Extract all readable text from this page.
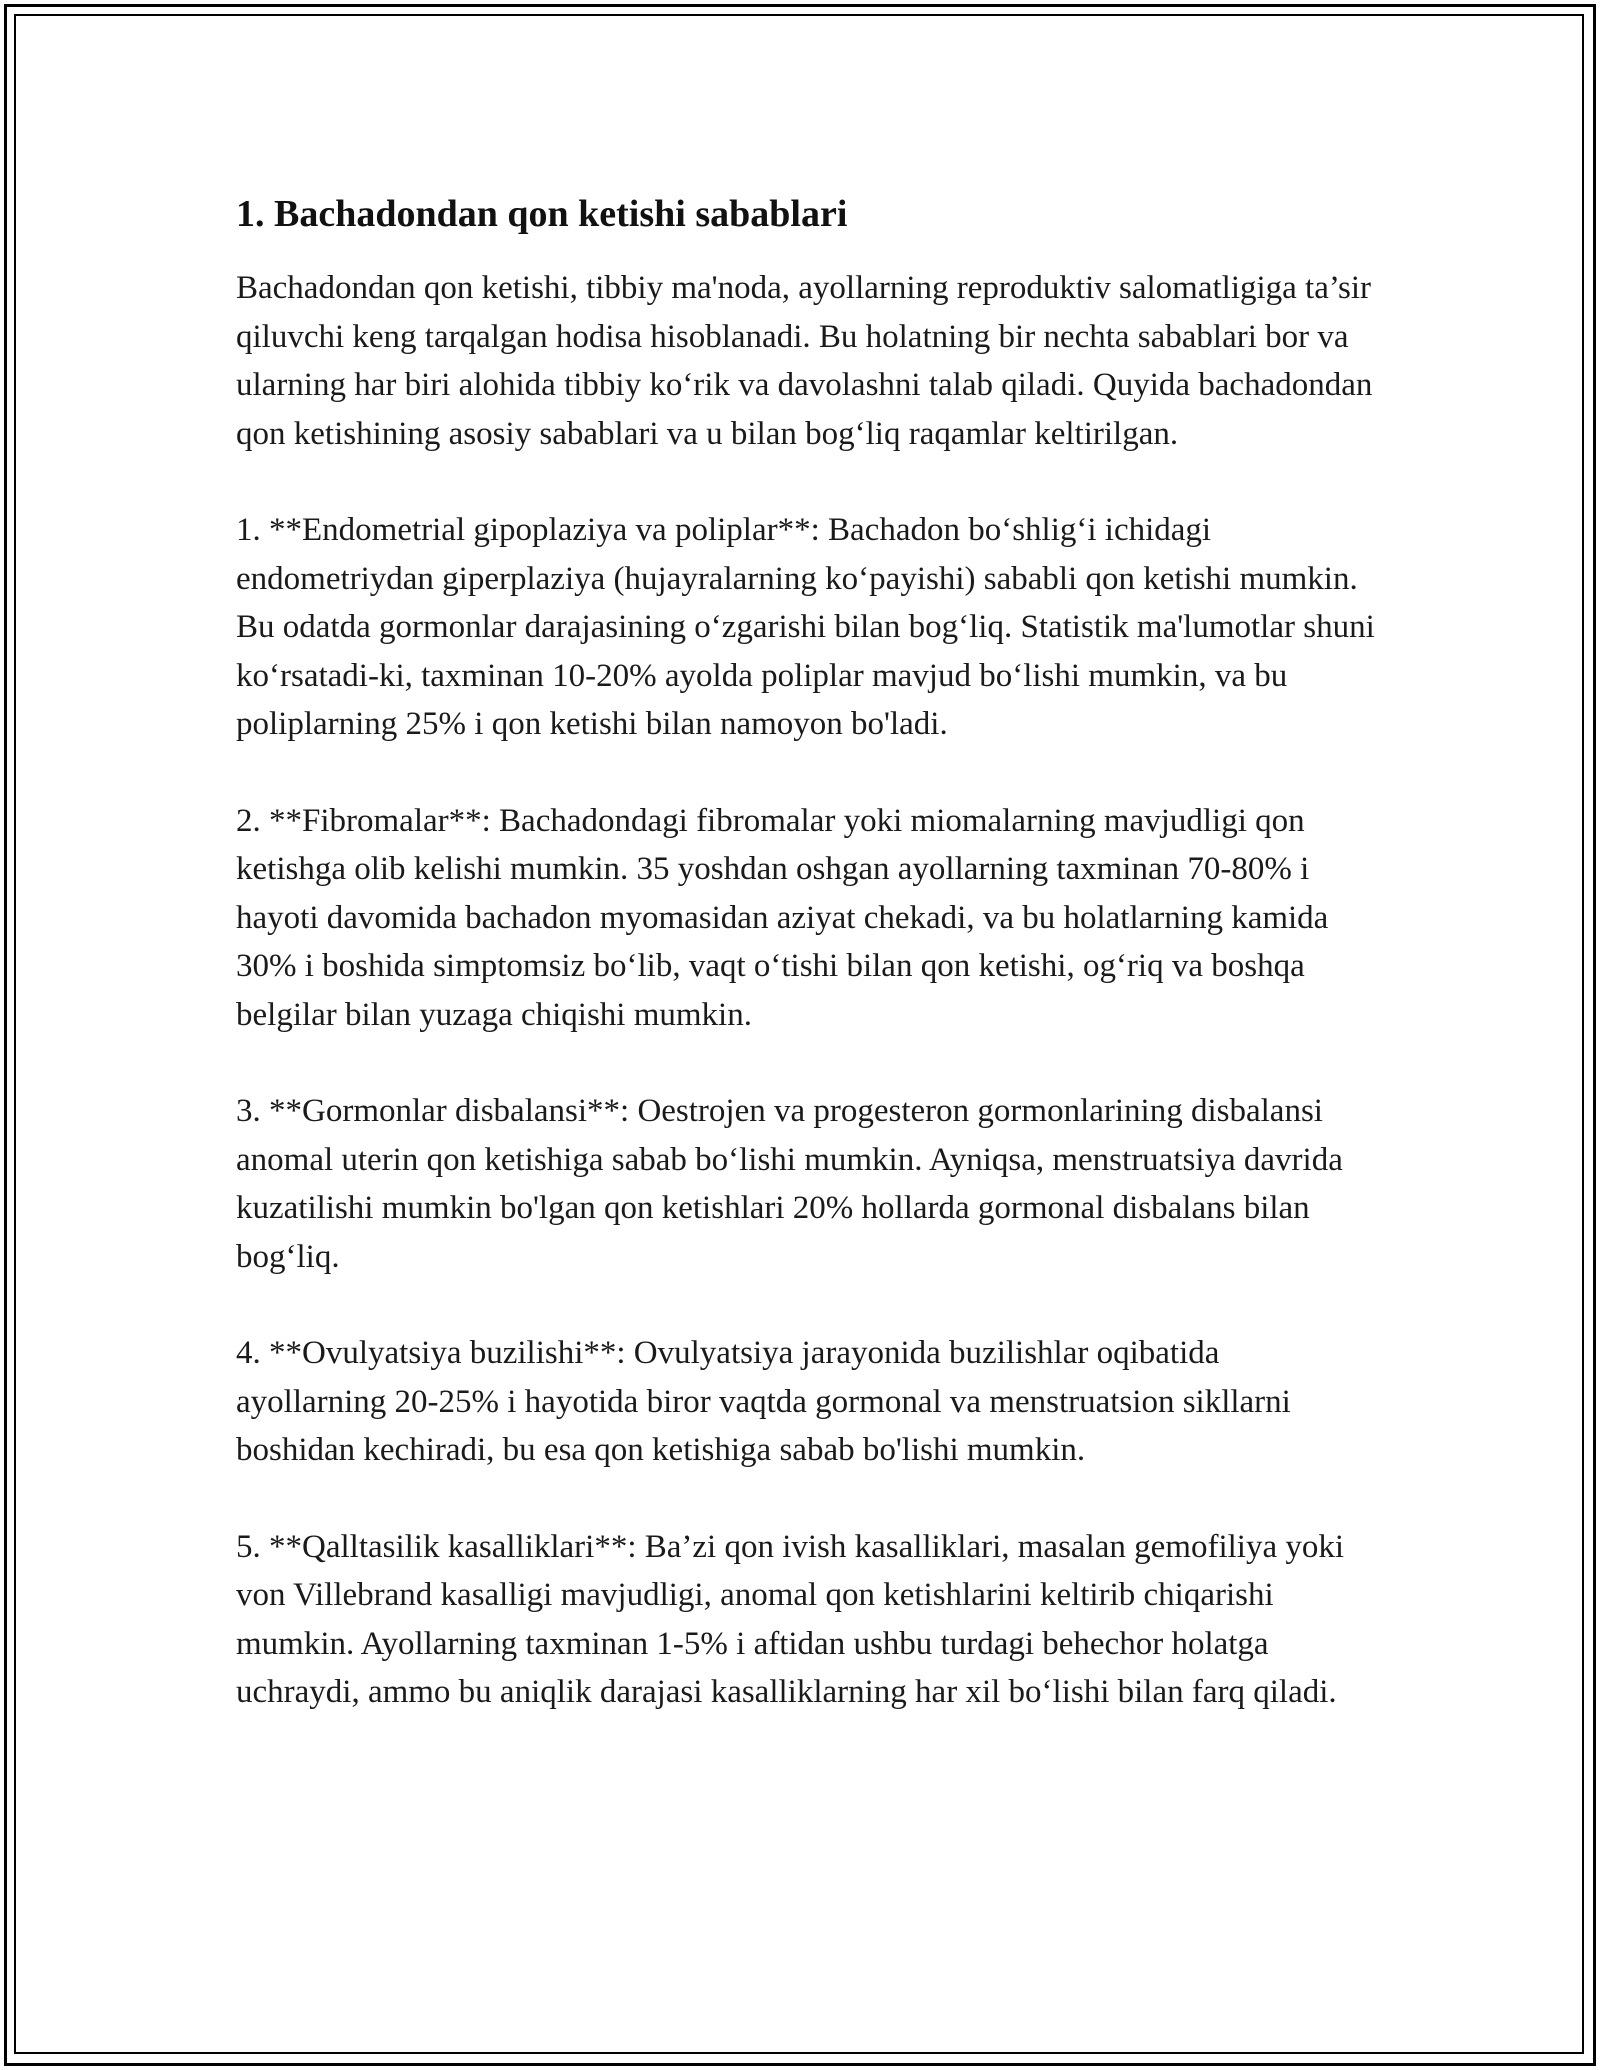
1. Bachadondan qon ketishi sabablari

Bachadondan qon ketishi, tibbiy ma'noda, ayollarning reproduktiv salomatligiga ta’sir qiluvchi keng tarqalgan hodisa hisoblanadi. Bu holatning bir nechta sabablari bor va ularning har biri alohida tibbiy koʻrik va davolashni talab qiladi. Quyida bachadondan qon ketishining asosiy sabablari va u bilan bogʻliq raqamlar keltirilgan.

1. **Endometrial gipoplaziya va poliplar**: Bachadon boʻshligʻi ichidagi endometriydan giperplaziya (hujayralarning koʻpayishi) sababli qon ketishi mumkin. Bu odatda gormonlar darajasining oʻzgarishi bilan bogʻliq. Statistik ma'lumotlar shuni koʻrsatadi-ki, taxminan 10-20% ayolda poliplar mavjud boʻlishi mumkin, va bu poliplarning 25% i qon ketishi bilan namoyon bo'ladi.

2. **Fibromalar**: Bachadondagi fibromalar yoki miomalarning mavjudligi qon ketishga olib kelishi mumkin. 35 yoshdan oshgan ayollarning taxminan 70-80% i hayoti davomida bachadon myomasidan aziyat chekadi, va bu holatlarning kamida 30% i boshida simptomsiz boʻlib, vaqt oʻtishi bilan qon ketishi, ogʻriq va boshqa belgilar bilan yuzaga chiqishi mumkin.

3. **Gormonlar disbalansi**: Oestrojen va progesteron gormonlarining disbalansi anomal uterin qon ketishiga sabab boʻlishi mumkin. Ayniqsa, menstruatsiya davrida kuzatilishi mumkin bo'lgan qon ketishlari 20% hollarda gormonal disbalans bilan bogʻliq.

4. **Ovulyatsiya buzilishi**: Ovulyatsiya jarayonida buzilishlar oqibatida ayollarning 20-25% i hayotida biror vaqtda gormonal va menstruatsion sikllarni boshidan kechiradi, bu esa qon ketishiga sabab bo'lishi mumkin.

5. **Qalltasilik kasalliklari**: Ba’zi qon ivish kasalliklari, masalan gemofiliya yoki von Villebrand kasalligi mavjudligi, anomal qon ketishlarini keltirib chiqarishi mumkin. Ayollarning taxminan 1-5% i aftidan ushbu turdagi behechor holatga uchraydi, ammo bu aniqlik darajasi kasalliklarning har xil boʻlishi bilan farq qiladi.
